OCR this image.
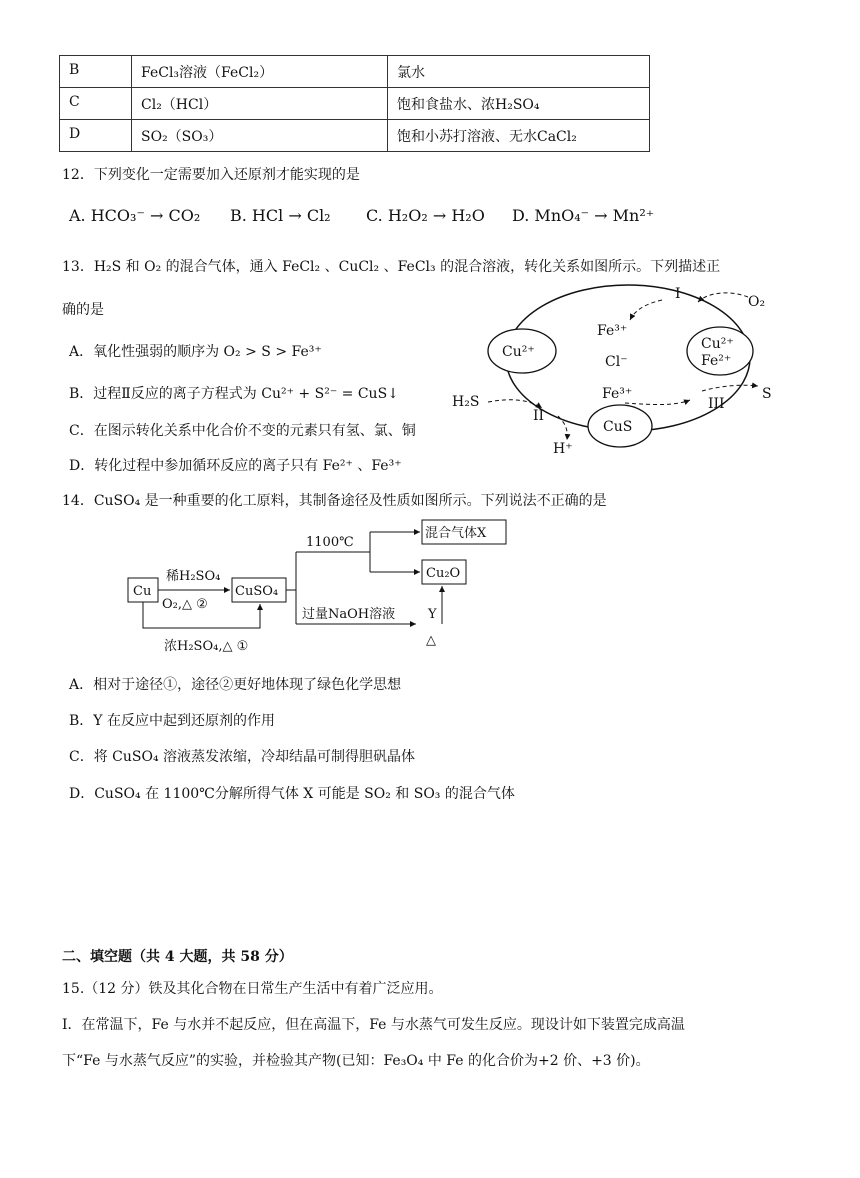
B	FeCl₃溶液（FeCl₂）	氯水
C	Cl₂（HCl）	饱和食盐水、浓H₂SO₄
D	SO₂（SO₃）	饱和小苏打溶液、无水CaCl₂
12．下列变化一定需要加入还原剂才能实现的是
A. HCO₃⁻ → CO₂ B. HCl → Cl₂ C. H₂O₂ → H₂O D. MnO₄⁻ → Mn²⁺
13．H₂S 和 O₂ 的混合气体，通入 FeCl₂ 、CuCl₂ 、FeCl₃ 的混合溶液，转化关系如图所示。下列描述正
确的是
A．氧化性强弱的顺序为 O₂ > S > Fe³⁺
B．过程Ⅱ反应的离子方程式为 Cu²⁺ + S²⁻ = CuS↓
C．在图示转化关系中化合价不变的元素只有氢、氯、铜
D．转化过程中参加循环反应的离子只有 Fe²⁺ 、Fe³⁺
I	O₂
Fe³⁺
Cu²⁺
Cl⁻
Cu²⁺
Fe²⁺
Fe³⁺	S
H₂S
II
III
CuS
H⁺
14．CuSO₄ 是一种重要的化工原料，其制备途径及性质如图所示。下列说法不正确的是
Cu	CuSO₄
稀H₂SO₄
O₂,△ ②
浓H₂SO₄,△ ①
1100℃
混合气体X
Cu₂O
过量NaOH溶液	Y
△
A．相对于途径①，途径②更好地体现了绿色化学思想
B．Y 在反应中起到还原剂的作用
C．将 CuSO₄ 溶液蒸发浓缩，冷却结晶可制得胆矾晶体
D．CuSO₄ 在 1100℃分解所得气体 X 可能是 SO₂ 和 SO₃ 的混合气体
二、填空题（共 4 大题，共 58 分）
15.（12 分）铁及其化合物在日常生产生活中有着广泛应用。
I．在常温下，Fe 与水并不起反应，但在高温下，Fe 与水蒸气可发生反应。现设计如下装置完成高温
下“Fe 与水蒸气反应”的实验，并检验其产物(已知：Fe₃O₄ 中 Fe 的化合价为+2 价、+3 价)。
